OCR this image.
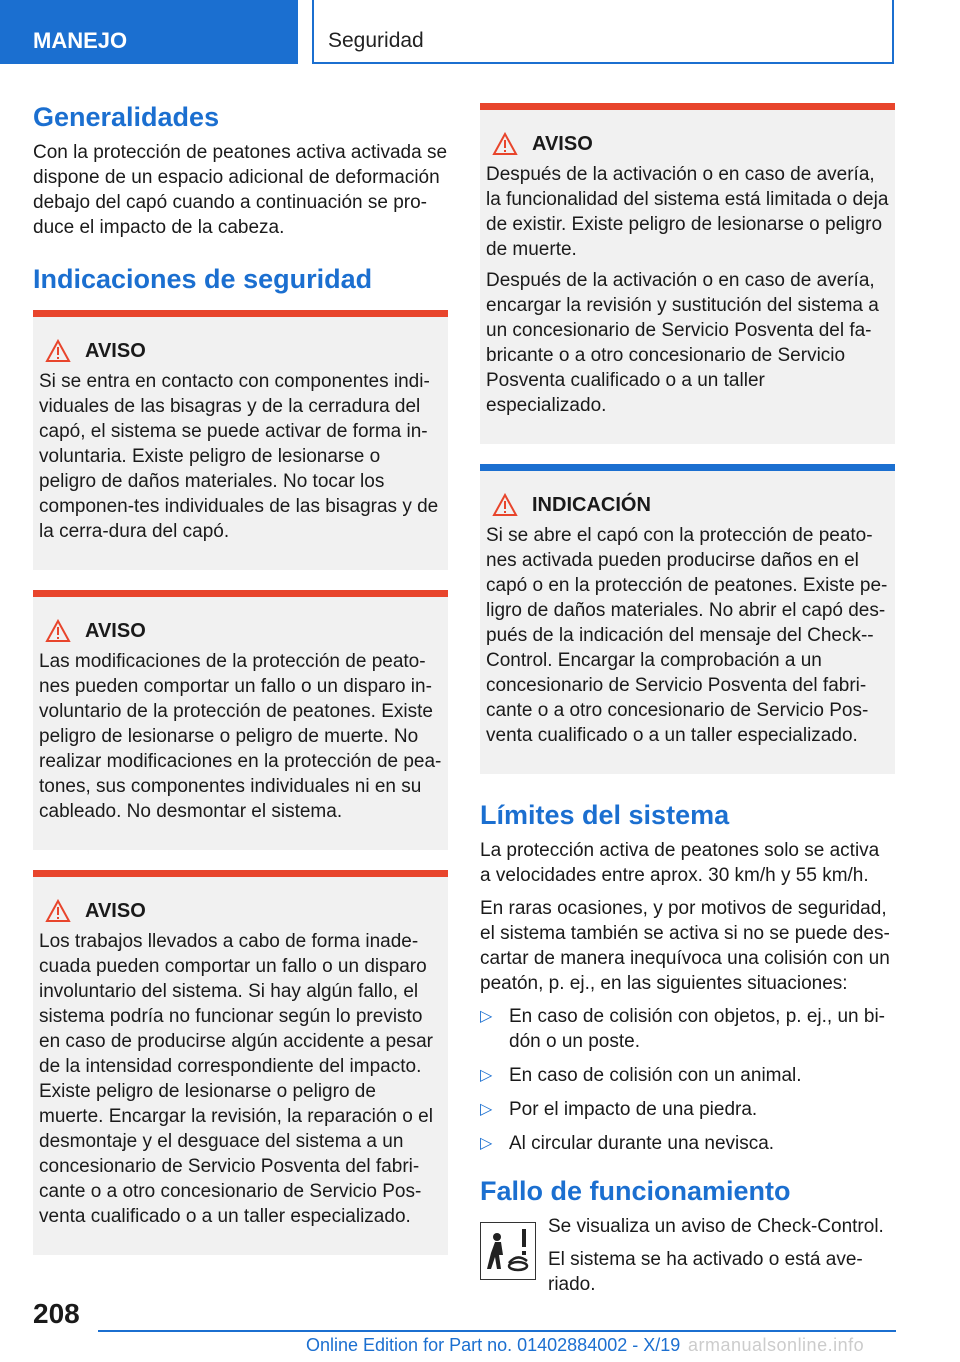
MANEJO	Seguridad
Generalidades

Con la protección de peatones activa activada se dispone de un espacio adicional de deformación debajo del capó cuando a continuación se pro-duce el impacto de la cabeza.

Indicaciones de seguridad
AVISO

Si se entra en contacto con componentes indi-viduales de las bisagras y de la cerradura del capó, el sistema se puede activar de forma in-voluntaria. Existe peligro de lesionarse o peligro de daños materiales. No tocar los componen-tes individuales de las bisagras y de la cerra-dura del capó.

AVISO

Las modificaciones de la protección de peato-nes pueden comportar un fallo o un disparo in-voluntario de la protección de peatones. Existe peligro de lesionarse o peligro de muerte. No realizar modificaciones en la protección de pea-tones, sus componentes individuales ni en su cableado. No desmontar el sistema.

AVISO

Los trabajos llevados a cabo de forma inade-cuada pueden comportar un fallo o un disparo involuntario del sistema. Si hay algún fallo, el sistema podría no funcionar según lo previsto en caso de producirse algún accidente a pesar de la intensidad correspondiente del impacto. Existe peligro de lesionarse o peligro de muerte. Encargar la revisión, la reparación o el desmontaje y el desguace del sistema a un concesionario de Servicio Posventa del fabri-cante o a otro concesionario de Servicio Pos-venta cualificado o a un taller especializado.

AVISO

Después de la activación o en caso de avería, la funcionalidad del sistema está limitada o deja de existir. Existe peligro de lesionarse o peligro de muerte.

Después de la activación o en caso de avería, encargar la revisión y sustitución del sistema a un concesionario de Servicio Posventa del fa-bricante o a otro concesionario de Servicio Posventa cualificado o a un taller especializado.

INDICACIÓN

Si se abre el capó con la protección de peato-nes activada pueden producirse daños en el capó o en la protección de peatones. Existe pe-ligro de daños materiales. No abrir el capó des-pués de la indicación del mensaje del Check--Control. Encargar la comprobación a un concesionario de Servicio Posventa del fabri-cante o a otro concesionario de Servicio Pos-venta cualificado o a un taller especializado.

Límites del sistema

La protección activa de peatones solo se activa a velocidades entre aprox. 30 km/h y 55 km/h.

En raras ocasiones, y por motivos de seguridad, el sistema también se activa si no se puede des-cartar de manera inequívoca una colisión con un peatón, p. ej., en las siguientes situaciones:

▷ En caso de colisión con objetos, p. ej., un bi-dón o un poste.
▷ En caso de colisión con un animal.
▷ Por el impacto de una piedra.
▷ Al circular durante una nevisca.
Fallo de funcionamiento

Se visualiza un aviso de Check-Control.

El sistema se ha activado o está ave-riado.

208
Online Edition for Part no. 01402884002 - X/19 armanualsonline.info
